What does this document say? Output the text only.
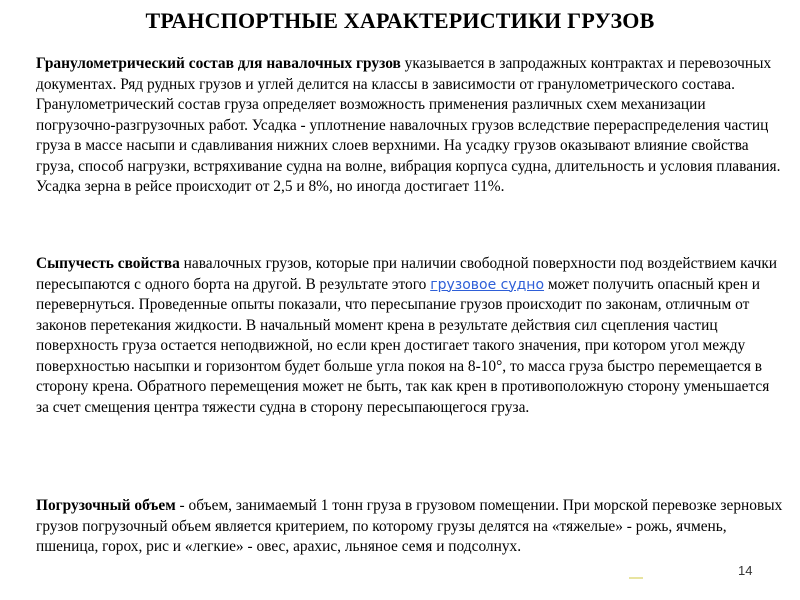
ТРАНСПОРТНЫЕ ХАРАКТЕРИСТИКИ ГРУЗОВ

Гранулометрический состав для навалочных грузов указывается в запродажных контрактах и перевозочных документах. Ряд рудных грузов и углей делится на классы в зависимости от гранулометрического состава. Гранулометрический состав груза определяет возможность применения различных схем механизации погрузочно-разгрузочных работ. Усадка - уплотнение навалочных грузов вследствие перераспределения частиц груза в массе насыпи и сдавливания нижних слоев верхними. На усадку грузов оказывают влияние свойства груза, способ нагрузки, встряхивание судна на волне, вибрация корпуса судна, длительность и условия плавания. Усадка зерна в рейсе происходит от 2,5 и 8%, но иногда достигает 11%.

Сыпучесть свойства навалочных грузов, которые при наличии свободной поверхности под воздействием качки пересыпаются с одного борта на другой. В результате этого грузовое судно может получить опасный крен и перевернуться. Проведенные опыты показали, что пересыпание грузов происходит по законам, отличным от законов перетекания жидкости. В начальный момент крена в результате действия сил сцепления частиц поверхность груза остается неподвижной, но если крен достигает такого значения, при котором угол между поверхностью насыпки и горизонтом будет больше угла покоя на 8-10°, то масса груза быстро перемещается в сторону крена. Обратного перемещения может не быть, так как крен в противоположную сторону уменьшается за счет смещения центра тяжести судна в сторону пересыпающегося груза.

Погрузочный объем - объем, занимаемый 1 тонн груза в грузовом помещении. При морской перевозке зерновых грузов погрузочный объем является критерием, по которому грузы делятся на «тяжелые» - рожь, ячмень, пшеница, горох, рис и «легкие» - овес, арахис, льняное семя и подсолнух.

14
